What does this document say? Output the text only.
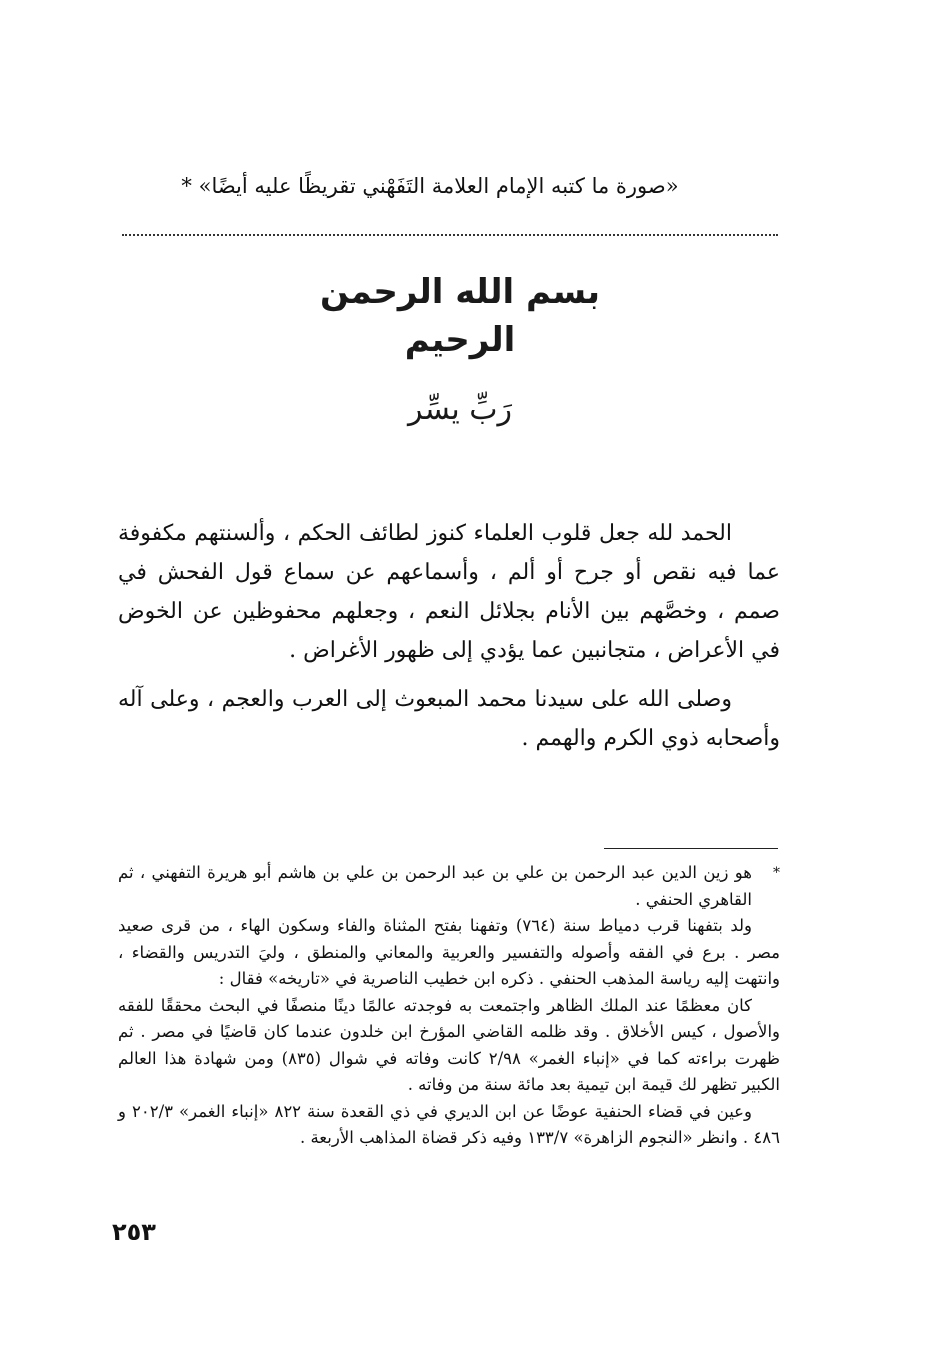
«صورة ما كتبه الإمام العلامة التَفَهْني تقريظًا عليه أيضًا» *
بسم الله الرحمن الرحيم
رَبِّ يسِّر

الحمد لله جعل قلوب العلماء كنوز لطائف الحكم ، وألسنتهم مكفوفة عما فيه نقص أو جرح أو ألم ، وأسماعهم عن سماع قول الفحش في صمم ، وخصَّهم بين الأنام بجلائل النعم ، وجعلهم محفوظين عن الخوض في الأعراض ، متجانبين عما يؤدي إلى ظهور الأغراض .

وصلى الله على سيدنا محمد المبعوث إلى العرب والعجم ، وعلى آله وأصحابه ذوي الكرم والهمم .

*
هو زين الدين عبد الرحمن بن علي بن عبد الرحمن بن علي بن هاشم أبو هريرة التفهني ، ثم القاهري الحنفي .

ولد بتفهنا قرب دمياط سنة (٧٦٤) وتفهنا بفتح المثناة والفاء وسكون الهاء ، من قرى صعيد مصر . برع في الفقه وأصوله والتفسير والعربية والمعاني والمنطق ، وليَ التدريس والقضاء ، وانتهت إليه رياسة المذهب الحنفي . ذكره ابن خطيب الناصرية في «تاريخه» فقال :

كان معظمًا عند الملك الظاهر واجتمعت به فوجدته عالمًا دينًا منصفًا في البحث محققًا للفقه والأصول ، كيس الأخلاق . وقد ظلمه القاضي المؤرخ ابن خلدون عندما كان قاضيًا في مصر . ثم ظهرت براءته كما في «إنباء الغمر» ٢/٩٨ كانت وفاته في شوال (٨٣٥) ومن شهادة هذا العالم الكبير تظهر لك قيمة ابن تيمية بعد مائة سنة من وفاته .

وعين في قضاء الحنفية عوضًا عن ابن الديري في ذي القعدة سنة ٨٢٢ «إنباء الغمر» ٢٠٢/٣ و ٤٨٦ . وانظر «النجوم الزاهرة» ١٣٣/٧ وفيه ذكر قضاة المذاهب الأربعة .

٢٥٣
